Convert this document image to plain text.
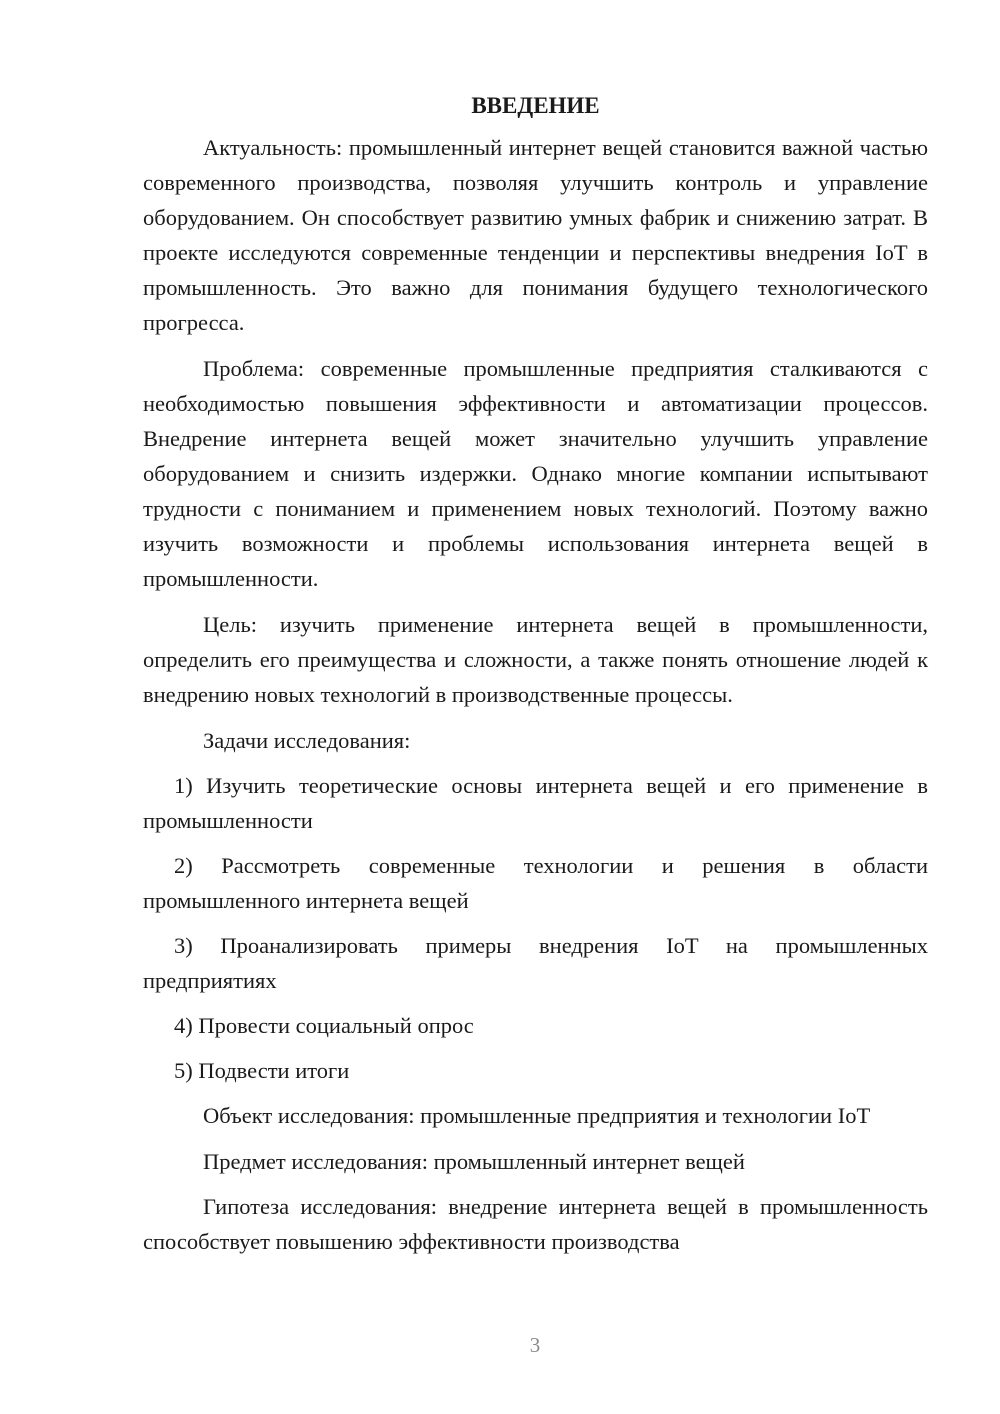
ВВЕДЕНИЕ

Актуальность: промышленный интернет вещей становится важной частью современного производства, позволяя улучшить контроль и управление оборудованием. Он способствует развитию умных фабрик и снижению затрат. В проекте исследуются современные тенденции и перспективы внедрения IoT в промышленность. Это важно для понимания будущего технологического прогресса.

Проблема: современные промышленные предприятия сталкиваются с необходимостью повышения эффективности и автоматизации процессов. Внедрение интернета вещей может значительно улучшить управление оборудованием и снизить издержки. Однако многие компании испытывают трудности с пониманием и применением новых технологий. Поэтому важно изучить возможности и проблемы использования интернета вещей в промышленности.

Цель: изучить применение интернета вещей в промышленности, определить его преимущества и сложности, а также понять отношение людей к внедрению новых технологий в производственные процессы.

Задачи исследования:

1) Изучить теоретические основы интернета вещей и его применение в промышленности

2) Рассмотреть современные технологии и решения в области промышленного интернета вещей

3) Проанализировать примеры внедрения IoT на промышленных предприятиях

4) Провести социальный опрос

5) Подвести итоги

Объект исследования: промышленные предприятия и технологии IoT

Предмет исследования: промышленный интернет вещей

Гипотеза исследования: внедрение интернета вещей в промышленность способствует повышению эффективности производства

3
